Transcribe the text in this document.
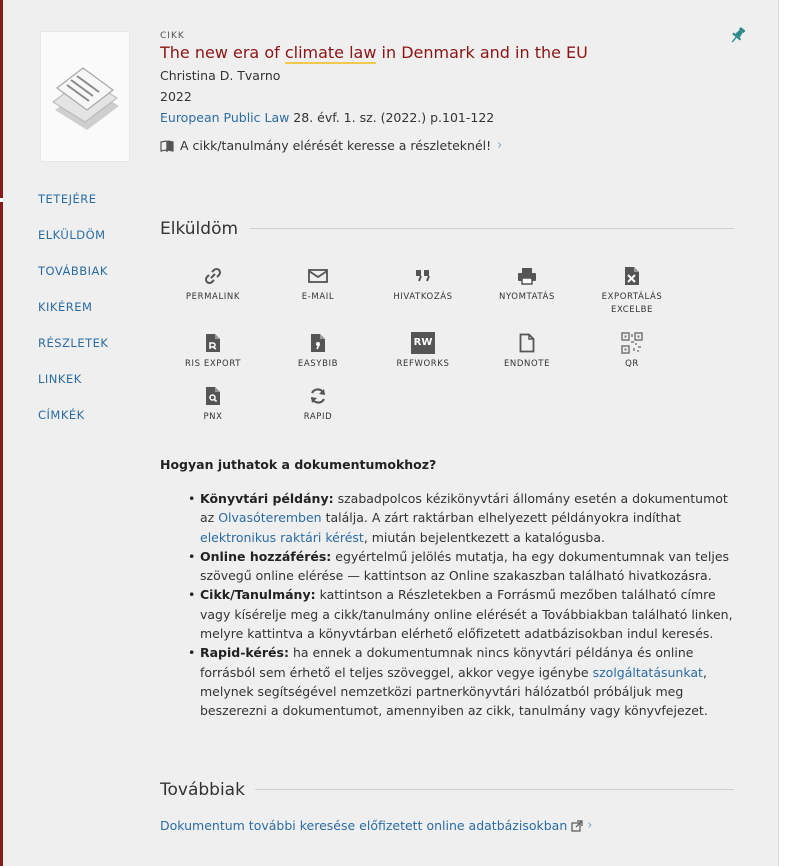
CIKK
The new era of climate law in Denmark and in the EU
Christina D. Tvarno
2022
European Public Law 28. évf. 1. sz. (2022.) p.101-122
A cikk/tanulmány elérését keresse a részleteknél! ›
TETEJÉRE
ELKÜLDÖM
TOVÁBBIAK
KIKÉREM
RÉSZLETEK
LINKEK
CÍMKÉK
Elküldöm
PERMALINK	E-MAIL	HIVATKOZÁS	NYOMTATÁS	EXPORTÁLÁS
EXCELBE
RIS EXPORT	EASYBIB
RW
REFWORKS	ENDNOTE	QR
PNX	RAPID
Hogyan juthatok a dokumentumokhoz?
• Könyvtári példány: szabadpolcos kézikönyvtári állomány esetén a dokumentumot az Olvasóteremben találja. A zárt raktárban elhelyezett példányokra indíthat elektronikus raktári kérést, miután bejelentkezett a katalógusba.
• Online hozzáférés: egyértelmű jelölés mutatja, ha egy dokumentumnak van teljes szövegű online elérése — kattintson az Online szakaszban található hivatkozásra.
• Cikk/Tanulmány: kattintson a Részletekben a Forrásmű mezőben található címre vagy kísérelje meg a cikk/tanulmány online elérését a Továbbiakban található linken, melyre kattintva a könyvtárban elérhető előfizetett adatbázisokban indul keresés.
• Rapid-kérés: ha ennek a dokumentumnak nincs könyvtári példánya és online forrásból sem érhető el teljes szöveggel, akkor vegye igénybe szolgáltatásunkat, melynek segítségével nemzetközi partnerkönyvtári hálózatból próbáljuk meg beszerezni a dokumentumot, amennyiben az cikk, tanulmány vagy könyvfejezet.
Továbbiak
Dokumentum további keresése előfizetett online adatbázisokban ›
